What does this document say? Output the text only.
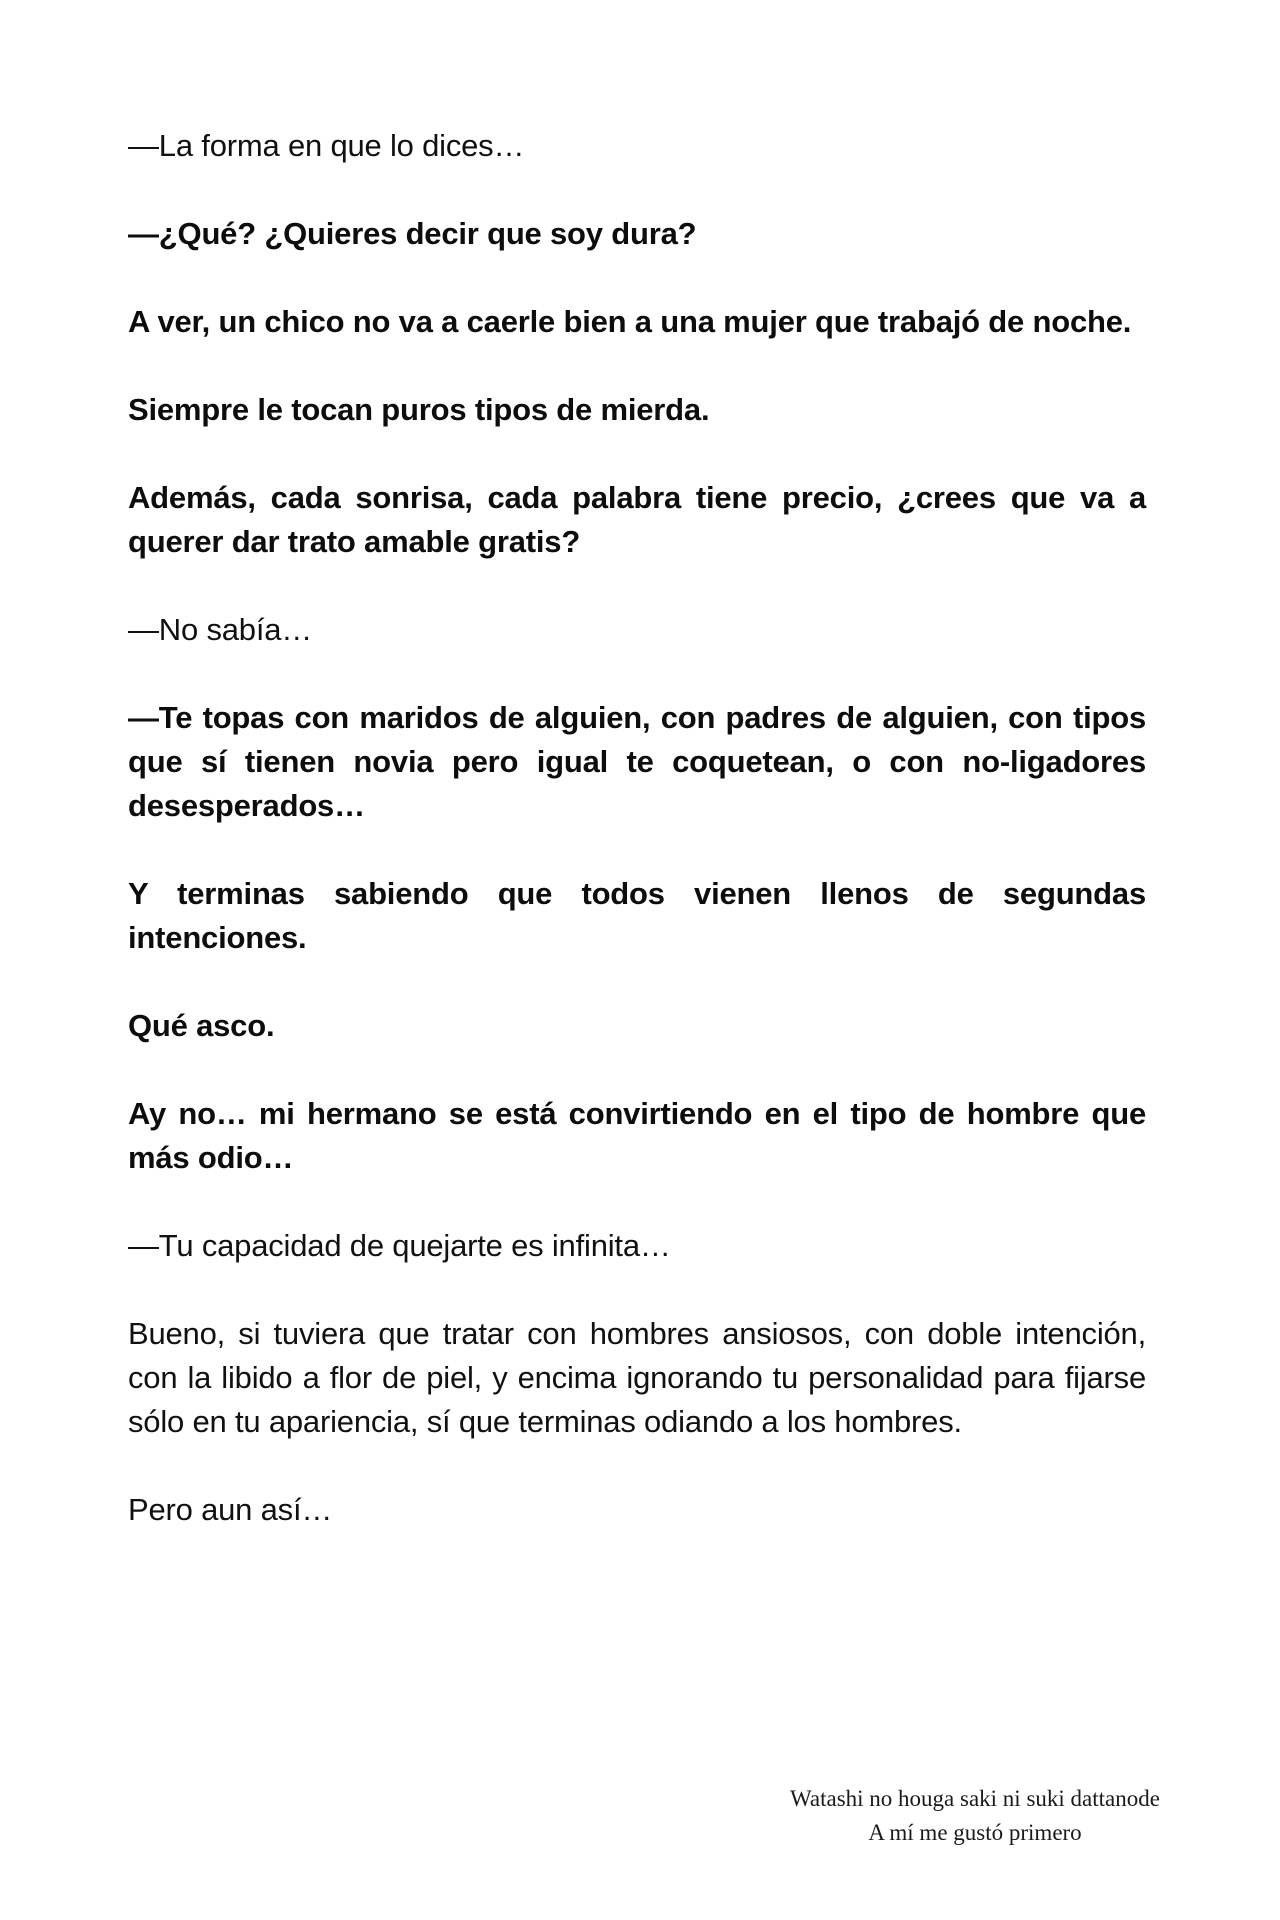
—La forma en que lo dices…

—¿Qué? ¿Quieres decir que soy dura?

A ver, un chico no va a caerle bien a una mujer que trabajó de noche.

Siempre le tocan puros tipos de mierda.

Además, cada sonrisa, cada palabra tiene precio, ¿crees que va a querer dar trato amable gratis?

—No sabía…

—Te topas con maridos de alguien, con padres de alguien, con tipos que sí tienen novia pero igual te coquetean, o con no-ligadores desesperados…

Y terminas sabiendo que todos vienen llenos de segundas intenciones.

Qué asco.

Ay no… mi hermano se está convirtiendo en el tipo de hombre que más odio…

—Tu capacidad de quejarte es infinita…

Bueno, si tuviera que tratar con hombres ansiosos, con doble intención, con la libido a flor de piel, y encima ignorando tu personalidad para fijarse sólo en tu apariencia, sí que terminas odiando a los hombres.

Pero aun así…

Watashi no houga saki ni suki dattanode
A mí me gustó primero
